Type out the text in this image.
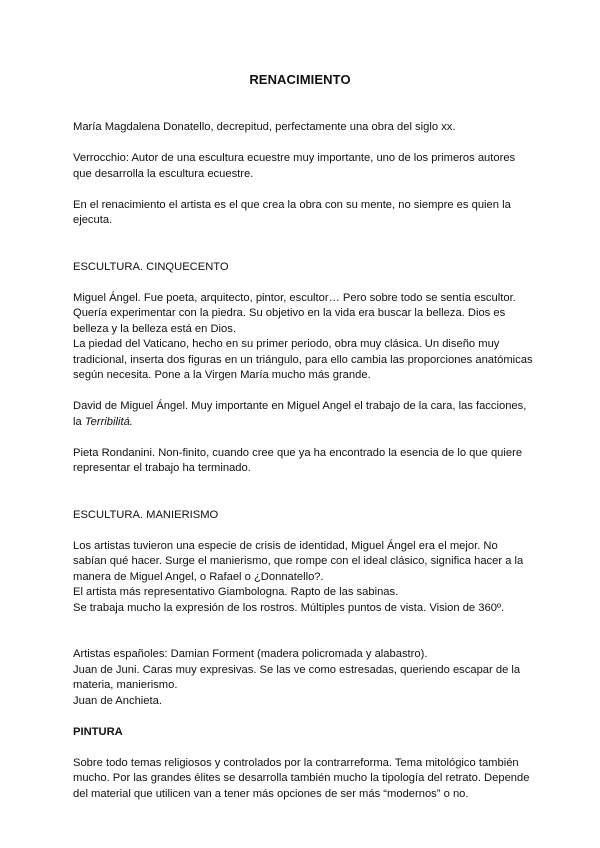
RENACIMIENTO

María Magdalena Donatello, decrepitud, perfectamente una obra del siglo xx.

Verrocchio: Autor de una escultura ecuestre muy importante, uno de los primeros autores que desarrolla la escultura ecuestre.

En el renacimiento el artista es el que crea la obra con su mente, no siempre es quien la ejecuta.

ESCULTURA. CINQUECENTO

Miguel Ángel. Fue poeta, arquitecto, pintor, escultor… Pero sobre todo se sentía escultor. Quería experimentar con la piedra. Su objetivo en la vida era buscar la belleza. Dios es belleza y la belleza está en Dios.

La piedad del Vaticano, hecho en su primer periodo, obra muy clásica. Un diseño muy tradicional, inserta dos figuras en un triángulo, para ello cambia las proporciones anatómicas según necesita. Pone a la Virgen María mucho más grande.

David de Miguel Ángel. Muy importante en Miguel Angel el trabajo de la cara, las facciones, la Terribilitá.

Pieta Rondanini. Non-finito, cuando cree que ya ha encontrado la esencia de lo que quiere representar el trabajo ha terminado.

ESCULTURA. MANIERISMO

Los artistas tuvieron una especie de crisis de identidad, Miguel Ángel era el mejor. No sabían qué hacer. Surge el manierismo, que rompe con el ideal clásico, significa hacer a la manera de Miguel Angel, o Rafael o ¿Donnatello?.

El artista más representativo Giambologna. Rapto de las sabinas.

Se trabaja mucho la expresión de los rostros. Múltiples puntos de vista. Vision de 360º.

Artistas españoles: Damian Forment (madera policromada y alabastro).

Juan de Juni. Caras muy expresivas. Se las ve como estresadas, queriendo escapar de la materia, manierismo.

Juan de Anchieta.

PINTURA

Sobre todo temas religiosos y controlados por la contrarreforma. Tema mitológico también mucho. Por las grandes élites se desarrolla también mucho la tipología del retrato. Depende del material que utilicen van a tener más opciones de ser más “modernos” o no.
